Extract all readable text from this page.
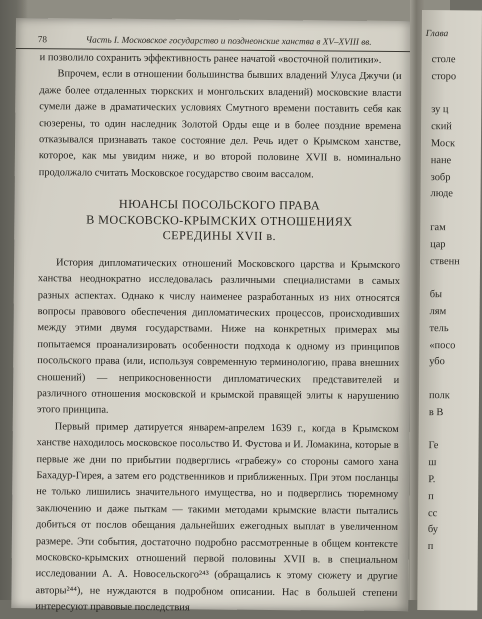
78	Часть I. Московское государство и позднеонские ханства в XV–XVIII вв.

и позволило сохранить эффективность ранее начатой «восточной политики».

Впрочем, если в отношении большинства бывших владений Улуса Джучи (и даже более отдаленных тюркских и монгольских владений) московские власти сумели даже в драматических условиях Смутного времени поставить себя как сюзерены, то один наследник Золотой Орды еще и в более поздние времена отказывался признавать такое состояние дел. Речь идет о Крымском ханстве, которое, как мы увидим ниже, и во второй половине XVII в. номинально продолжало считать Московское государство своим вассалом.

НЮАНСЫ ПОСОЛЬСКОГО ПРАВА
В МОСКОВСКО-КРЫМСКИХ ОТНОШЕНИЯХ
СЕРЕДИНЫ XVII в.

История дипломатических отношений Московского царства и Крымского ханства неоднократно исследовалась различными специалистами в самых разных аспектах. Однако к числу наименее разработанных из них относятся вопросы правового обеспечения дипломатических процессов, происходивших между этими двумя государствами. Ниже на конкретных примерах мы попытаемся проанализировать особенности подхода к одному из принципов посольского права (или, используя современную терминологию, права внешних сношений) — неприкосновенности дипломатических представителей и различного отношения московской и крымской правящей элиты к нарушению этого принципа.

Первый пример датируется январем-апрелем 1639 г., когда в Крымском ханстве находилось московское посольство И. Фустова и И. Ломакина, которые в первые же дни по прибытии подверглись «грабежу» со стороны самого хана Бахадур-Гирея, а затем его родственников и приближенных. При этом посланцы не только лишились значительного имущества, но и подверглись тюремному заключению и даже пыткам — такими методами крымские власти пытались добиться от послов обещания дальнейших ежегодных выплат в увеличенном размере. Эти события, достаточно подробно рассмотренные в общем контексте московско-крымских отношений первой половины XVII в. в специальном исследовании А. А. Новосельского²⁴³ (обращались к этому сюжету и другие авторы²⁴⁴), не нуждаются в подробном описании. Нас в большей степени интересуют правовые последствия

Глава
столе
сторо
зу ц
ский
Моск
нане
зобр
люде
гам
цар
ственн
бы
лям
тель
«посо
убо
полк
в В
Ге
ш
Р.
п
сс
бу
п
